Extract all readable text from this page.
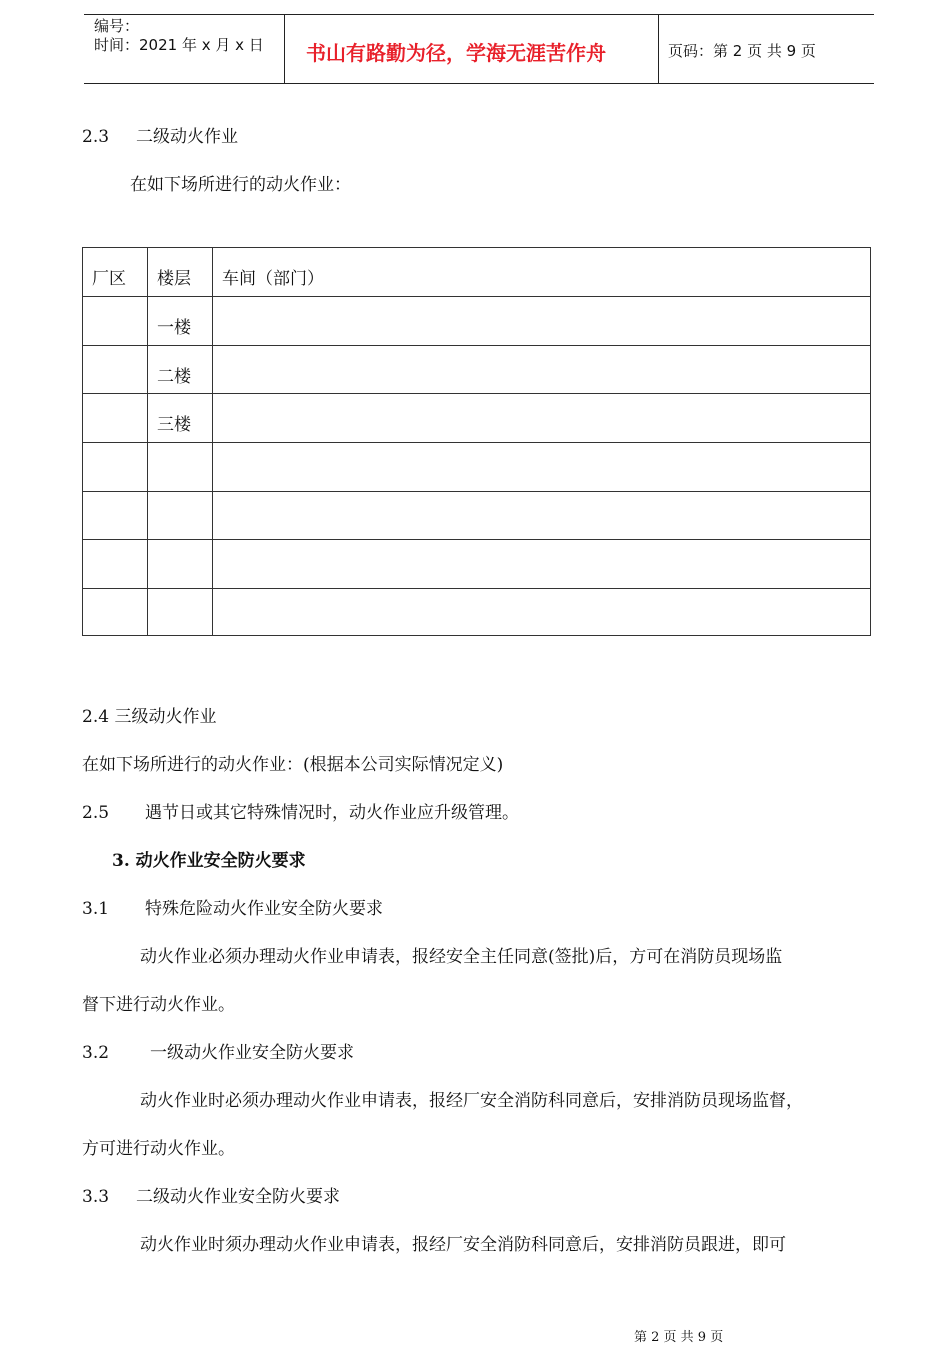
编号：
时间：2021 年 x 月 x 日 书山有路勤为径，学海无涯苦作舟	页码：第 2 页 共 9 页
2.3 二级动火作业
在如下场所进行的动火作业：
厂区 楼层 车间（部门）
一楼
二楼
三楼
2.4 三级动火作业
在如下场所进行的动火作业：(根据本公司实际情况定义)
2.5 遇节日或其它特殊情况时，动火作业应升级管理。
3. 动火作业安全防火要求
3.1 特殊危险动火作业安全防火要求
动火作业必须办理动火作业申请表，报经安全主任同意(签批)后，方可在消防员现场监
督下进行动火作业。
3.2 一级动火作业安全防火要求
动火作业时必须办理动火作业申请表，报经厂安全消防科同意后，安排消防员现场监督，
方可进行动火作业。
3.3 二级动火作业安全防火要求
动火作业时须办理动火作业申请表，报经厂安全消防科同意后，安排消防员跟进，即可
第 2 页 共 9 页
